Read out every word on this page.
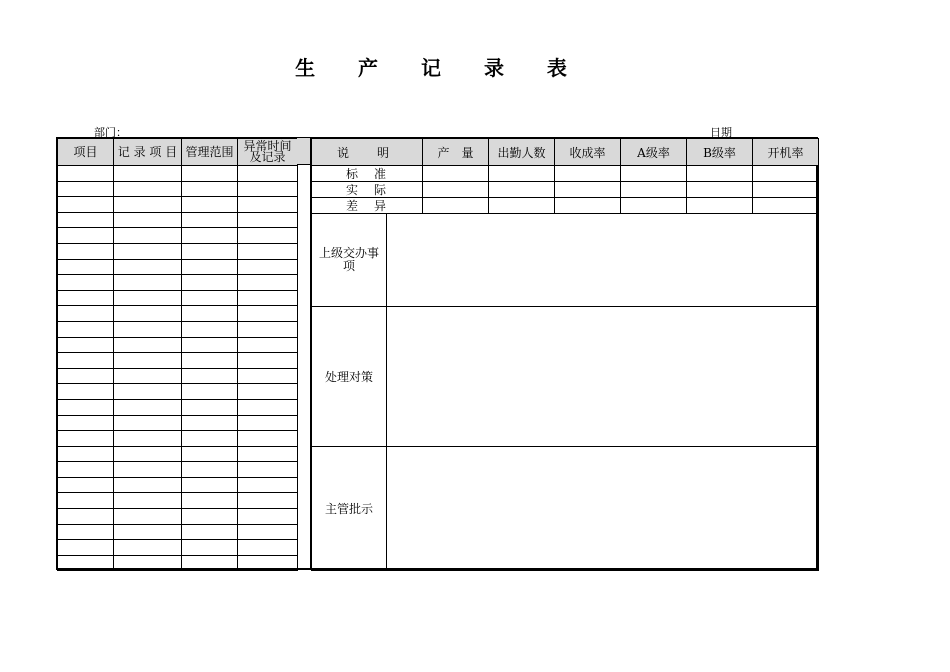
生 产 记 录 表
部门：	日期
项目	记 录 项 目	管理范围	异常时间及记录

				说　明		产　量	出勤人数	收成率	A级率	B级率	开机率
标　准							
实　际							
差　异							
上级交办事项							
处理对策							
主管批示							
